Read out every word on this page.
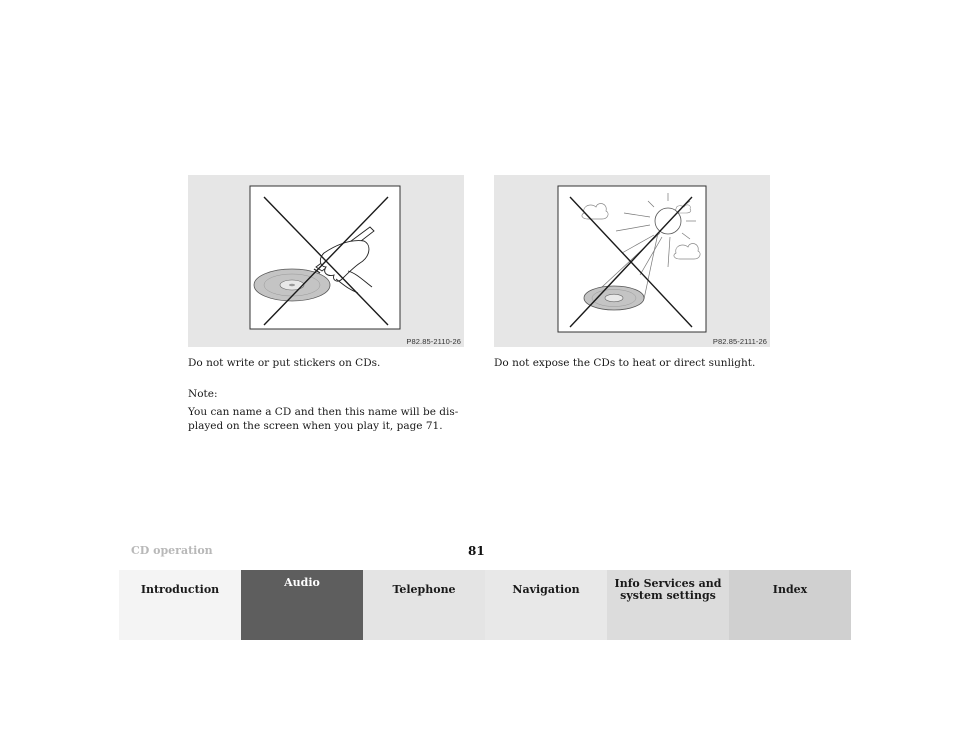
P82.85-2110-26	P82.85-2111-26
Do not write or put stickers on CDs.
Note:
You can name a CD and then this name will be dis-
played on the screen when you play it, page 71.
Do not expose the CDs to heat or direct sunlight.
CD operation	81
Introduction
Audio
Telephone	Navigation	Info Services and
system settings	Index
